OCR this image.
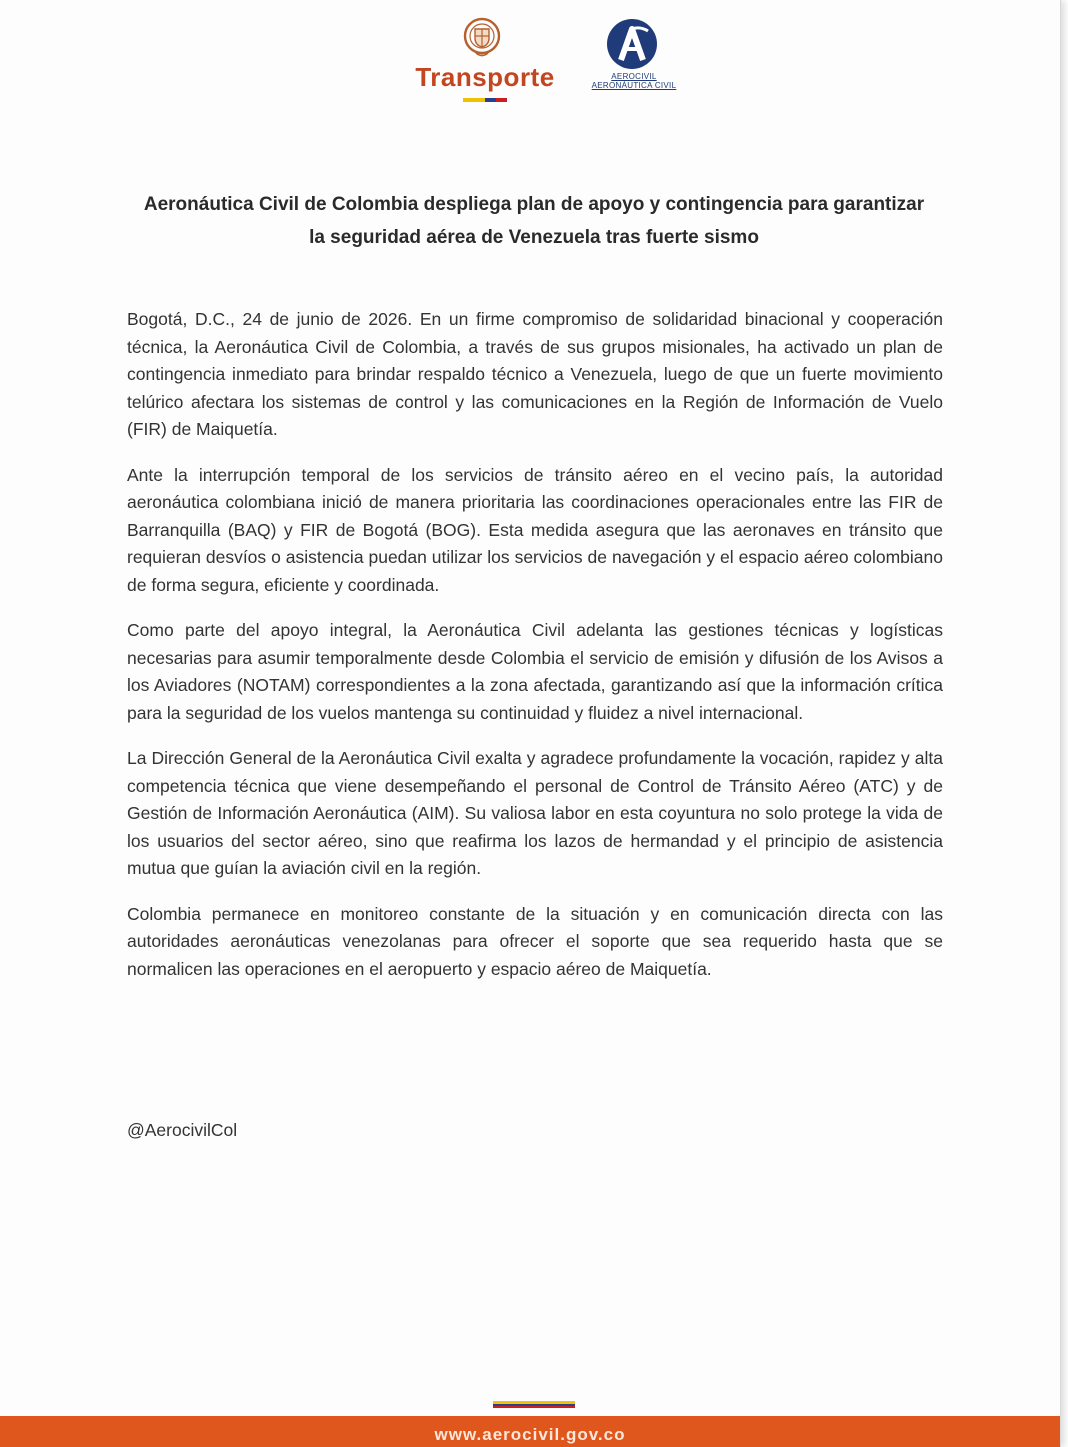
Transporte	AEROCIVIL AERONÁUTICA CIVIL
Aeronáutica Civil de Colombia despliega plan de apoyo y contingencia para garantizar
la seguridad aérea de Venezuela tras fuerte sismo

Bogotá, D.C., 24 de junio de 2026. En un firme compromiso de solidaridad binacional y cooperación técnica, la Aeronáutica Civil de Colombia, a través de sus grupos misionales, ha activado un plan de contingencia inmediato para brindar respaldo técnico a Venezuela, luego de que un fuerte movimiento telúrico afectara los sistemas de control y las comunicaciones en la Región de Información de Vuelo (FIR) de Maiquetía.

Ante la interrupción temporal de los servicios de tránsito aéreo en el vecino país, la autoridad aeronáutica colombiana inició de manera prioritaria las coordinaciones operacionales entre las FIR de Barranquilla (BAQ) y FIR de Bogotá (BOG). Esta medida asegura que las aeronaves en tránsito que requieran desvíos o asistencia puedan utilizar los servicios de navegación y el espacio aéreo colombiano de forma segura, eficiente y coordinada.

Como parte del apoyo integral, la Aeronáutica Civil adelanta las gestiones técnicas y logísticas necesarias para asumir temporalmente desde Colombia el servicio de emisión y difusión de los Avisos a los Aviadores (NOTAM) correspondientes a la zona afectada, garantizando así que la información crítica para la seguridad de los vuelos mantenga su continuidad y fluidez a nivel internacional.

La Dirección General de la Aeronáutica Civil exalta y agradece profundamente la vocación, rapidez y alta competencia técnica que viene desempeñando el personal de Control de Tránsito Aéreo (ATC) y de Gestión de Información Aeronáutica (AIM). Su valiosa labor en esta coyuntura no solo protege la vida de los usuarios del sector aéreo, sino que reafirma los lazos de hermandad y el principio de asistencia mutua que guían la aviación civil en la región.

Colombia permanece en monitoreo constante de la situación y en comunicación directa con las autoridades aeronáuticas venezolanas para ofrecer el soporte que sea requerido hasta que se normalicen las operaciones en el aeropuerto y espacio aéreo de Maiquetía.

@AerocivilCol
www.aerocivil.gov.co
